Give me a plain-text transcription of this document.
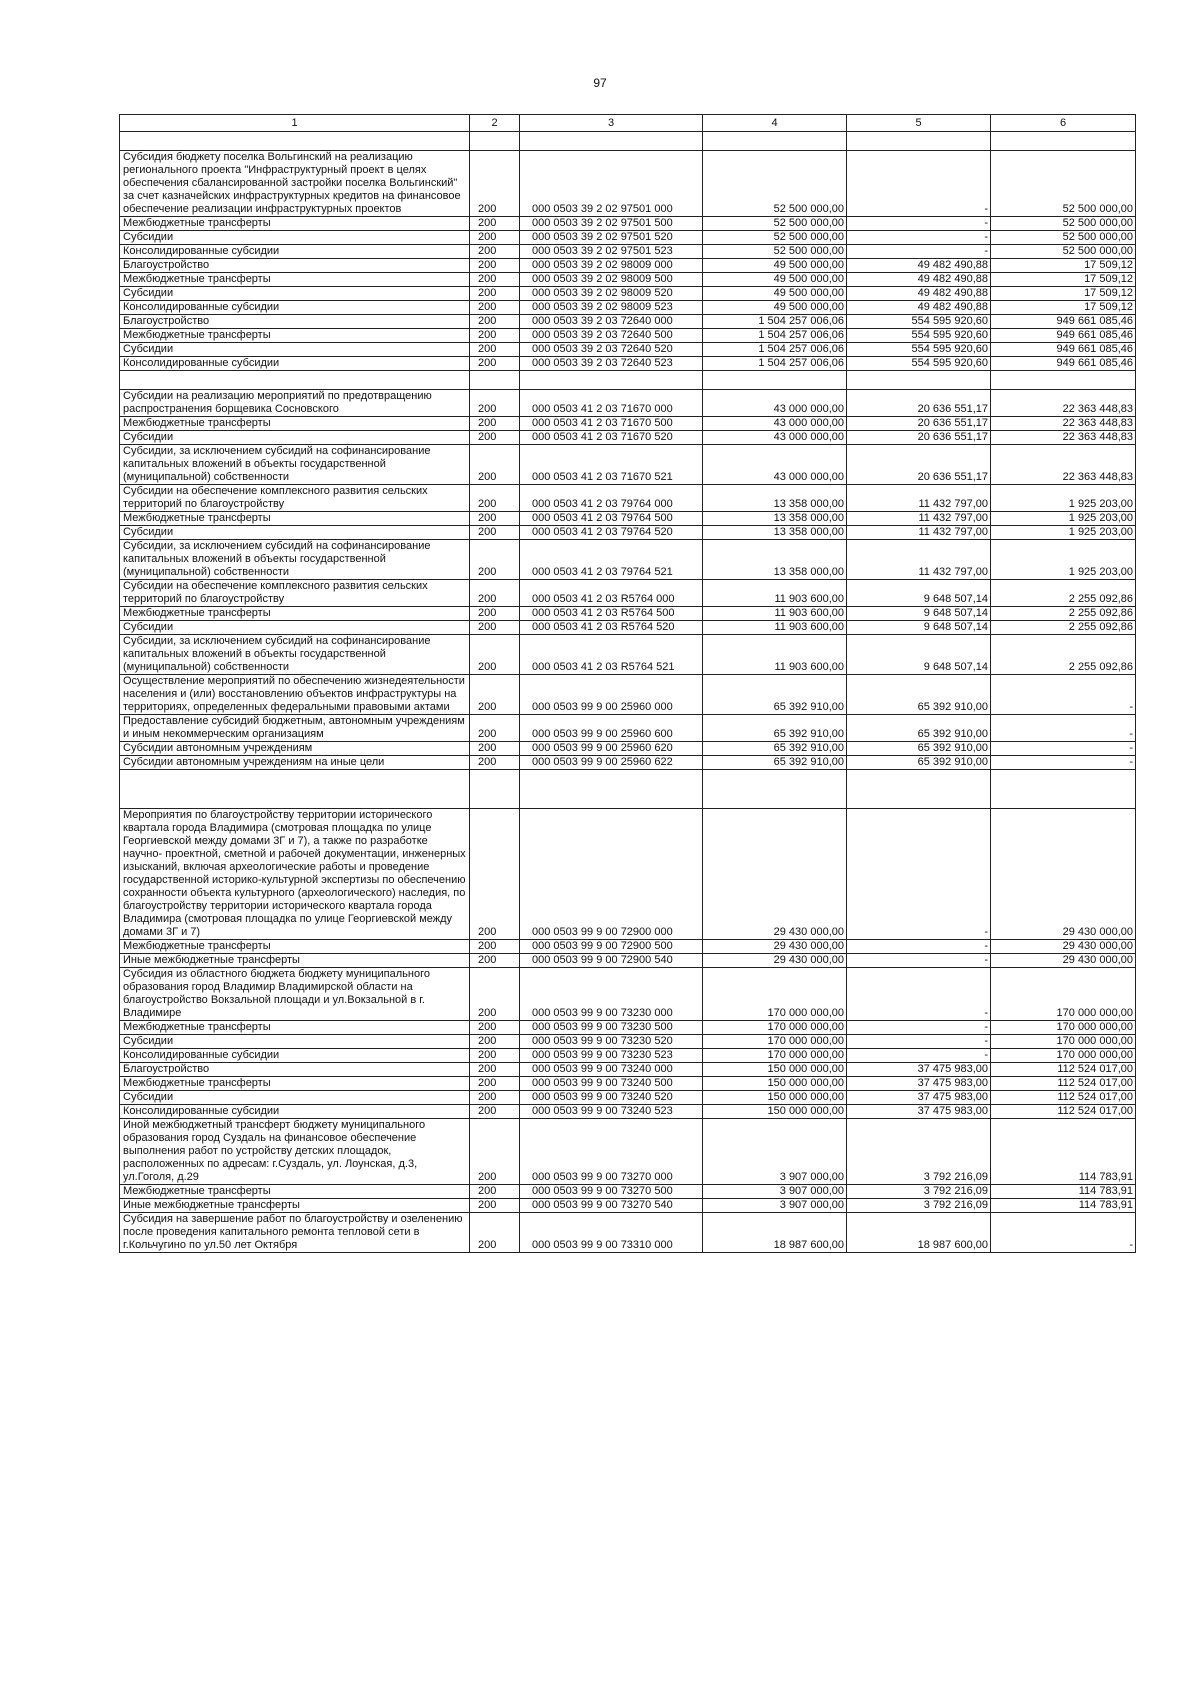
97
1	2	3	4	5	6

Субсидия бюджету поселка Вольгинский на реализацию регионального проекта "Инфраструктурный проект в целях обеспечения сбалансированной застройки поселка Вольгинский" за счет казначейских инфраструктурных кредитов на финансовое обеспечение реализации инфраструктурных проектов	200	000 0503 39 2 02 97501 000	52 500 000,00	-	52 500 000,00
Межбюджетные трансферты	200	000 0503 39 2 02 97501 500	52 500 000,00	-	52 500 000,00
Субсидии	200	000 0503 39 2 02 97501 520	52 500 000,00	-	52 500 000,00
Консолидированные субсидии	200	000 0503 39 2 02 97501 523	52 500 000,00	-	52 500 000,00
Благоустройство	200	000 0503 39 2 02 98009 000	49 500 000,00	49 482 490,88	17 509,12
Межбюджетные трансферты	200	000 0503 39 2 02 98009 500	49 500 000,00	49 482 490,88	17 509,12
Субсидии	200	000 0503 39 2 02 98009 520	49 500 000,00	49 482 490,88	17 509,12
Консолидированные субсидии	200	000 0503 39 2 02 98009 523	49 500 000,00	49 482 490,88	17 509,12
Благоустройство	200	000 0503 39 2 03 72640 000	1 504 257 006,06	554 595 920,60	949 661 085,46
Межбюджетные трансферты	200	000 0503 39 2 03 72640 500	1 504 257 006,06	554 595 920,60	949 661 085,46
Субсидии	200	000 0503 39 2 03 72640 520	1 504 257 006,06	554 595 920,60	949 661 085,46
Консолидированные субсидии	200	000 0503 39 2 03 72640 523	1 504 257 006,06	554 595 920,60	949 661 085,46

Субсидии на реализацию мероприятий по предотвращению распространения борщевика Сосновского	200	000 0503 41 2 03 71670 000	43 000 000,00	20 636 551,17	22 363 448,83
Межбюджетные трансферты	200	000 0503 41 2 03 71670 500	43 000 000,00	20 636 551,17	22 363 448,83
Субсидии	200	000 0503 41 2 03 71670 520	43 000 000,00	20 636 551,17	22 363 448,83
Субсидии, за исключением субсидий на софинансирование капитальных вложений в объекты государственной (муниципальной) собственности	200	000 0503 41 2 03 71670 521	43 000 000,00	20 636 551,17	22 363 448,83
Субсидии на обеспечение комплексного развития сельских территорий по благоустройству	200	000 0503 41 2 03 79764 000	13 358 000,00	11 432 797,00	1 925 203,00
Межбюджетные трансферты	200	000 0503 41 2 03 79764 500	13 358 000,00	11 432 797,00	1 925 203,00
Субсидии	200	000 0503 41 2 03 79764 520	13 358 000,00	11 432 797,00	1 925 203,00
Субсидии, за исключением субсидий на софинансирование капитальных вложений в объекты государственной (муниципальной) собственности	200	000 0503 41 2 03 79764 521	13 358 000,00	11 432 797,00	1 925 203,00
Субсидии на обеспечение комплексного развития сельских территорий по благоустройству	200	000 0503 41 2 03 R5764 000	11 903 600,00	9 648 507,14	2 255 092,86
Межбюджетные трансферты	200	000 0503 41 2 03 R5764 500	11 903 600,00	9 648 507,14	2 255 092,86
Субсидии	200	000 0503 41 2 03 R5764 520	11 903 600,00	9 648 507,14	2 255 092,86
Субсидии, за исключением субсидий на софинансирование капитальных вложений в объекты государственной (муниципальной) собственности	200	000 0503 41 2 03 R5764 521	11 903 600,00	9 648 507,14	2 255 092,86
Осуществление мероприятий по обеспечению жизнедеятельности населения и (или) восстановлению объектов инфраструктуры на территориях, определенных федеральными правовыми актами	200	000 0503 99 9 00 25960 000	65 392 910,00	65 392 910,00	-
Предоставление субсидий бюджетным, автономным учреждениям и иным некоммерческим организациям	200	000 0503 99 9 00 25960 600	65 392 910,00	65 392 910,00	-
Субсидии автономным учреждениям	200	000 0503 99 9 00 25960 620	65 392 910,00	65 392 910,00	-
Субсидии автономным учреждениям на иные цели	200	000 0503 99 9 00 25960 622	65 392 910,00	65 392 910,00	-

Мероприятия по благоустройству территории исторического квартала города Владимира (смотровая площадка по улице Георгиевской между домами 3Г и 7), а также по разработке научно- проектной, сметной и рабочей документации, инженерных изысканий, включая археологические работы и проведение государственной историко-культурной экспертизы по обеспечению сохранности объекта культурного (археологического) наследия, по благоустройству территории исторического квартала города Владимира (смотровая площадка по улице Георгиевской между домами 3Г и 7)	200	000 0503 99 9 00 72900 000	29 430 000,00	-	29 430 000,00
Межбюджетные трансферты	200	000 0503 99 9 00 72900 500	29 430 000,00	-	29 430 000,00
Иные межбюджетные трансферты	200	000 0503 99 9 00 72900 540	29 430 000,00	-	29 430 000,00
Субсидия из областного бюджета бюджету муниципального образования город Владимир Владимирской области на благоустройство Вокзальной площади и ул.Вокзальной в г. Владимире	200	000 0503 99 9 00 73230 000	170 000 000,00	-	170 000 000,00
Межбюджетные трансферты	200	000 0503 99 9 00 73230 500	170 000 000,00	-	170 000 000,00
Субсидии	200	000 0503 99 9 00 73230 520	170 000 000,00	-	170 000 000,00
Консолидированные субсидии	200	000 0503 99 9 00 73230 523	170 000 000,00	-	170 000 000,00
Благоустройство	200	000 0503 99 9 00 73240 000	150 000 000,00	37 475 983,00	112 524 017,00
Межбюджетные трансферты	200	000 0503 99 9 00 73240 500	150 000 000,00	37 475 983,00	112 524 017,00
Субсидии	200	000 0503 99 9 00 73240 520	150 000 000,00	37 475 983,00	112 524 017,00
Консолидированные субсидии	200	000 0503 99 9 00 73240 523	150 000 000,00	37 475 983,00	112 524 017,00
Иной межбюджетный трансферт бюджету муниципального образования город Суздаль на финансовое обеспечение выполнения работ по устройству детских площадок, расположенных по адресам: г.Суздаль, ул. Лоунская, д.3, ул.Гоголя, д.29	200	000 0503 99 9 00 73270 000	3 907 000,00	3 792 216,09	114 783,91
Межбюджетные трансферты	200	000 0503 99 9 00 73270 500	3 907 000,00	3 792 216,09	114 783,91
Иные межбюджетные трансферты	200	000 0503 99 9 00 73270 540	3 907 000,00	3 792 216,09	114 783,91
Субсидия на завершение работ по благоустройству и озеленению после проведения капитального ремонта тепловой сети в г.Кольчугино по ул.50 лет Октября	200	000 0503 99 9 00 73310 000	18 987 600,00	18 987 600,00	-
